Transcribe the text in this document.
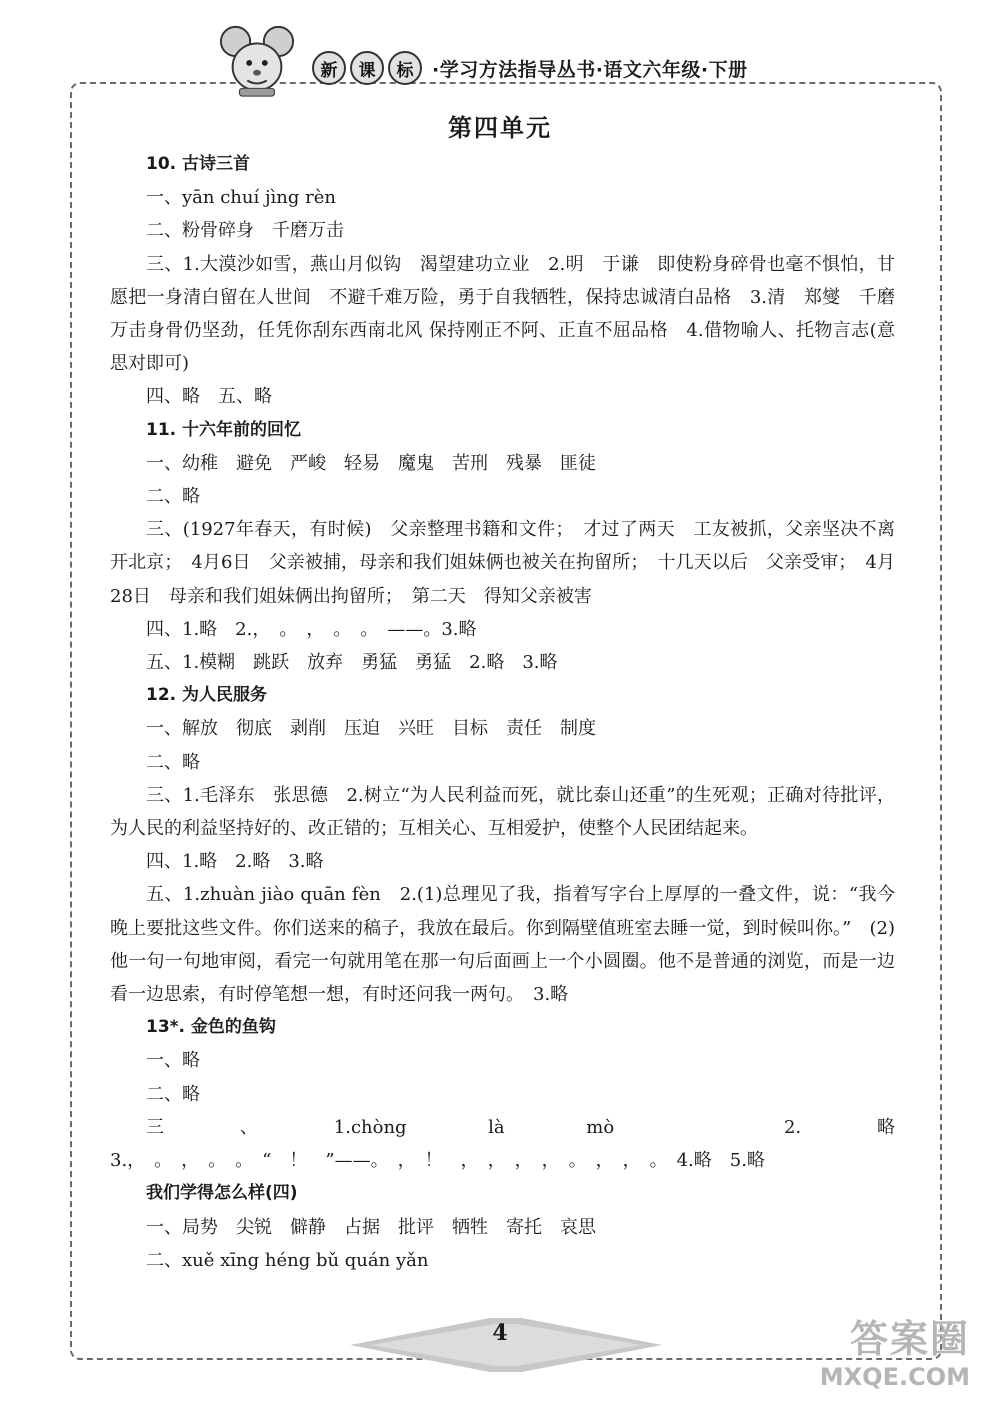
新	课	标 ·学习方法指导丛书·语文六年级·下册
第四单元

10. 古诗三首

一、yān chuí jìng rèn

二、粉骨碎身　千磨万击

三、1.大漠沙如雪，燕山月似钩　渴望建功立业　2.明　于谦　即使粉身碎骨也毫不惧怕，甘愿把一身清白留在人世间　不避千难万险，勇于自我牺牲，保持忠诚清白品格　3.清　郑燮　千磨万击身骨仍坚劲，任凭你刮东西南北风 保持刚正不阿、正直不屈品格　4.借物喻人、托物言志(意思对即可)

四、略　五、略

11. 十六年前的回忆

一、幼稚　避免　严峻　轻易　魔鬼　苦刑　残暴　匪徒

二、略

三、(1927年春天，有时候)　父亲整理书籍和文件；　才过了两天　工友被抓，父亲坚决不离开北京；　4月6日　父亲被捕，母亲和我们姐妹俩也被关在拘留所；　十几天以后　父亲受审；　4月28日　母亲和我们姐妹俩出拘留所；　第二天　得知父亲被害

四、1.略　2.，　。　，　。　。　——。3.略

五、1.模糊　跳跃　放弃　勇猛　勇猛　2.略　3.略

12. 为人民服务

一、解放　彻底　剥削　压迫　兴旺　目标　责任　制度

二、略

三、1.毛泽东　张思德　2.树立“为人民利益而死，就比泰山还重”的生死观；正确对待批评，为人民的利益坚持好的、改正错的；互相关心、互相爱护，使整个人民团结起来。

四、1.略　2.略　3.略

五、1.zhuàn jiào quān fèn　2.(1)总理见了我，指着写字台上厚厚的一叠文件，说：“我今晚上要批这些文件。你们送来的稿子，我放在最后。你到隔壁值班室去睡一觉，到时候叫你。”　(2)他一句一句地审阅，看完一句就用笔在那一句后面画上一个小圆圈。他不是普通的浏览，而是一边看一边思索，有时停笔想一想，有时还问我一两句。　3.略

13*. 金色的鱼钩

一、略

二、略

三、1.chòng là mò　2.略　3.，　。　，　。　。　“　！　”——。　，　！　，　，　，　，　。　，　，　。　4.略　5.略

我们学得怎么样(四)

一、局势　尖锐　僻静　占据　批评　牺牲　寄托　哀思

二、xuě xīng héng bǔ quán yǎn

4	答案圈
MXQE.COM
